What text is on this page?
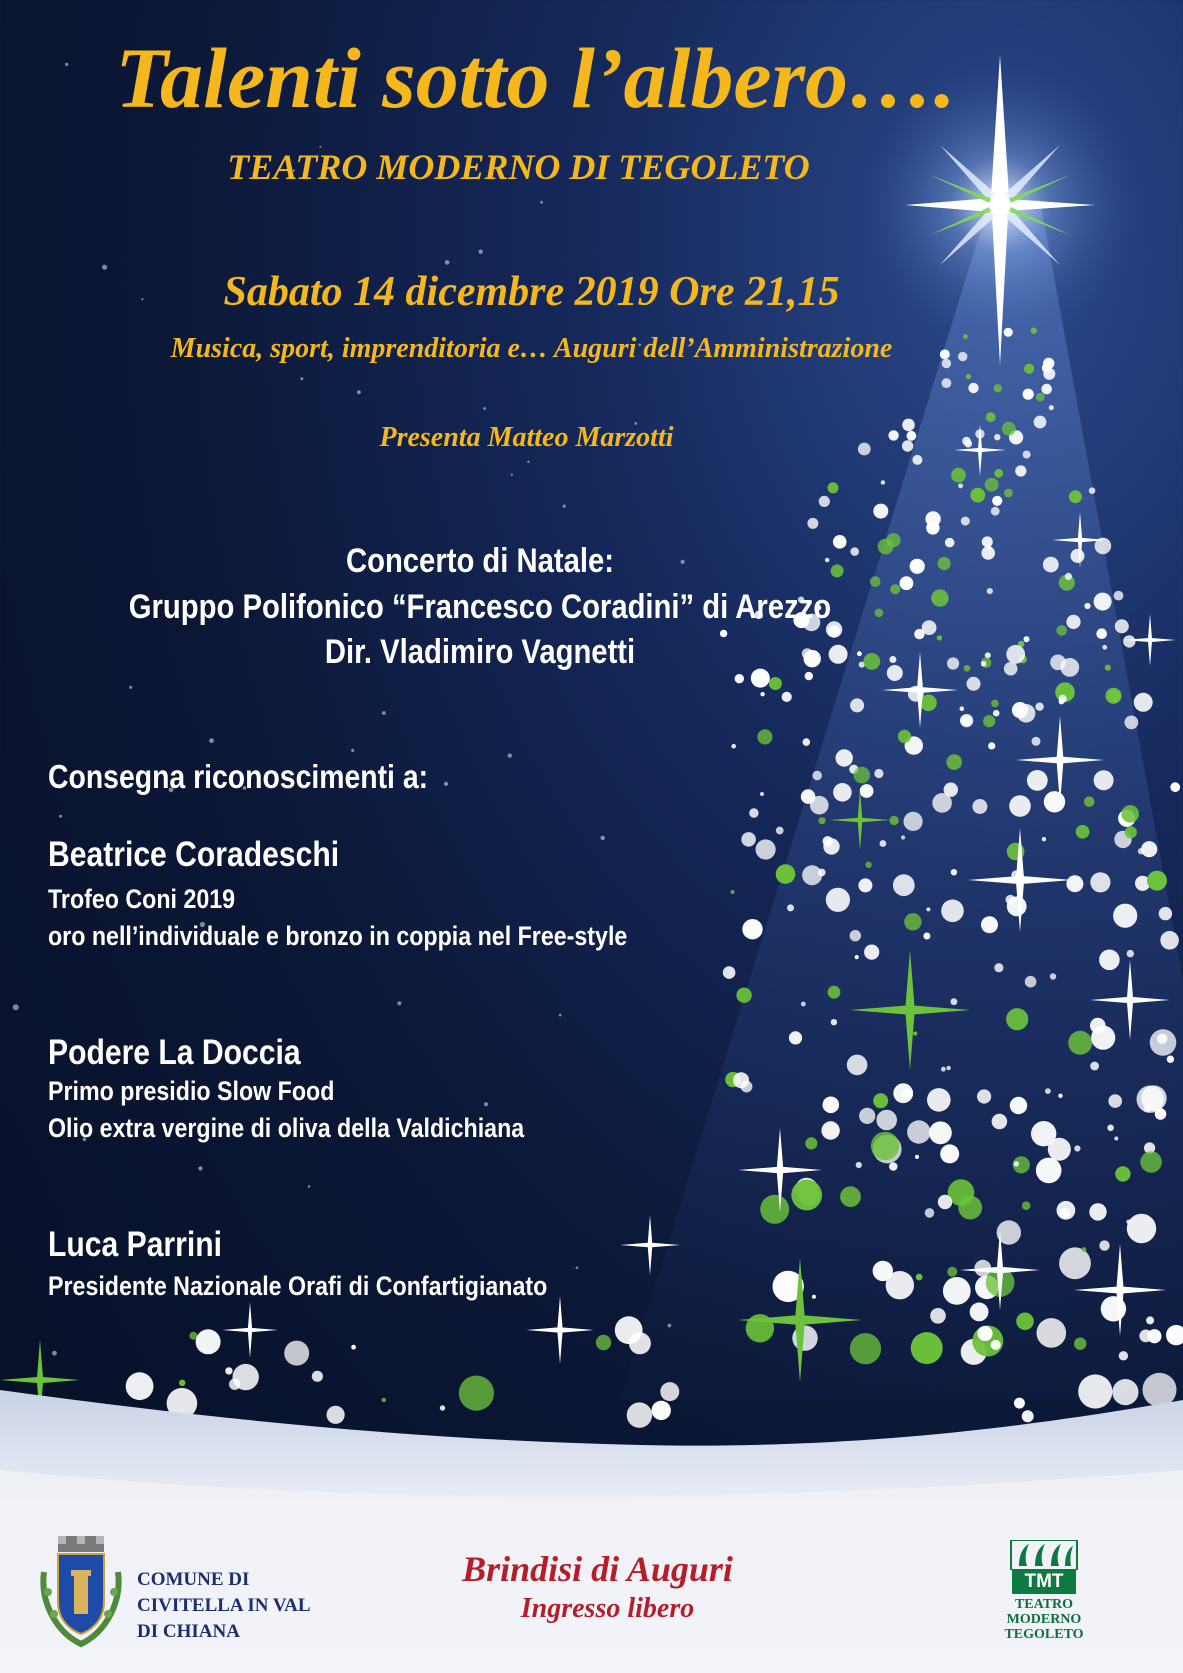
Talenti sotto l’albero….
TEATRO MODERNO DI TEGOLETO
Sabato 14 dicembre 2019 Ore 21,15
Musica, sport, imprenditoria e… Auguri dell’Amministrazione
Presenta Matteo Marzotti
Concerto di Natale:
Gruppo Polifonico “Francesco Coradini” di Arezzo
Dir. Vladimiro Vagnetti
Consegna riconoscimenti a:
Beatrice Coradeschi
Trofeo Coni 2019
oro nell’individuale e bronzo in coppia nel Free-style
Podere La Doccia
Primo presidio Slow Food
Olio extra vergine di oliva della Valdichiana
Luca Parrini
Presidente Nazionale Orafi di Confartigianato
COMUNE DI
CIVITELLA IN VAL
DI CHIANA
Brindisi di Auguri
Ingresso libero
TMT
TEATRO
MODERNO
TEGOLETO
